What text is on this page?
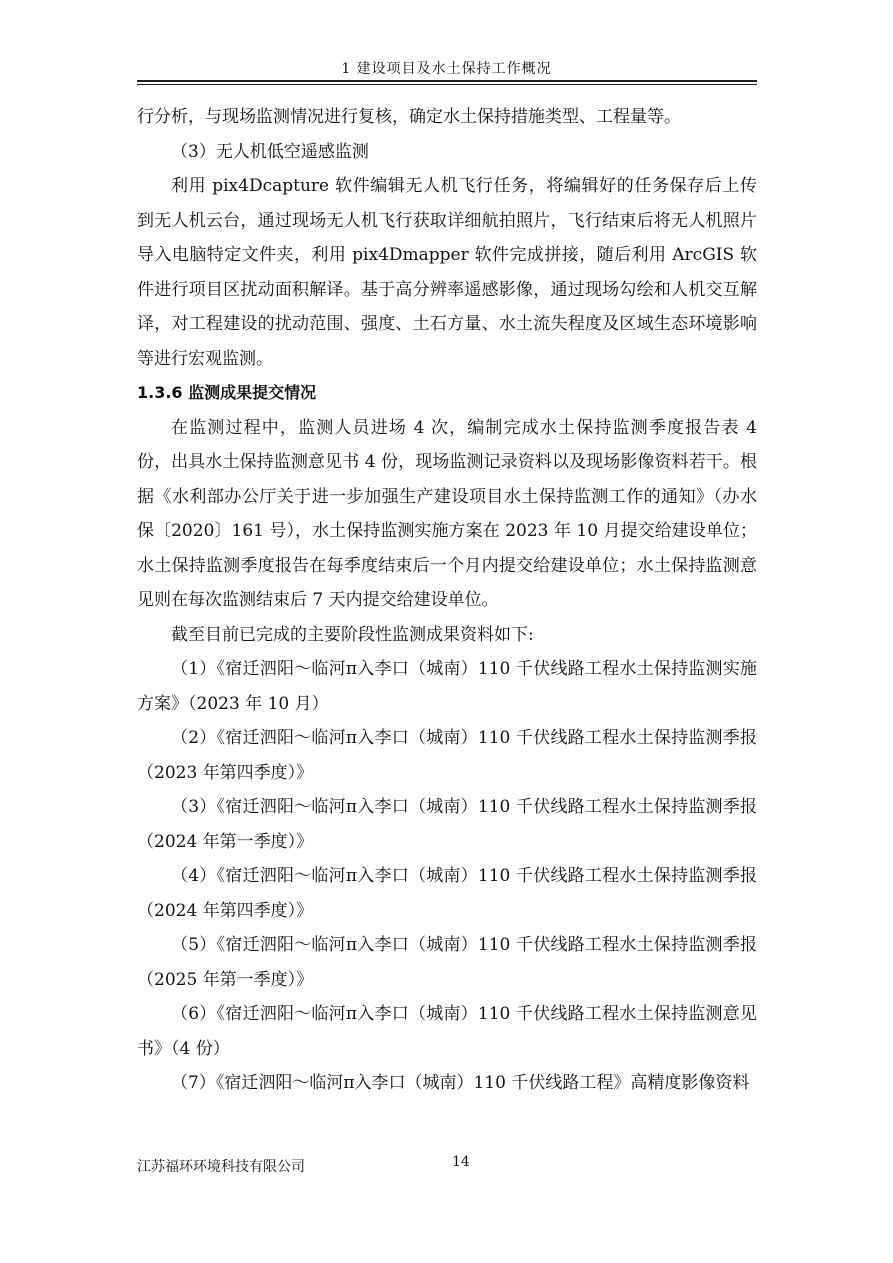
1 建设项目及水土保持工作概况

行分析，与现场监测情况进行复核，确定水土保持措施类型、工程量等。

（3）无人机低空遥感监测

利用 pix4Dcapture 软件编辑无人机飞行任务，将编辑好的任务保存后上传到无人机云台，通过现场无人机飞行获取详细航拍照片，飞行结束后将无人机照片导入电脑特定文件夹，利用 pix4Dmapper 软件完成拼接，随后利用 ArcGIS 软件进行项目区扰动面积解译。基于高分辨率遥感影像，通过现场勾绘和人机交互解译，对工程建设的扰动范围、强度、土石方量、水土流失程度及区域生态环境影响等进行宏观监测。

1.3.6 监测成果提交情况

在监测过程中，监测人员进场 4 次，编制完成水土保持监测季度报告表 4 份，出具水土保持监测意见书 4 份，现场监测记录资料以及现场影像资料若干。根据《水利部办公厅关于进一步加强生产建设项目水土保持监测工作的通知》（办水保〔2020〕161 号），水土保持监测实施方案在 2023 年 10 月提交给建设单位；水土保持监测季度报告在每季度结束后一个月内提交给建设单位；水土保持监测意见则在每次监测结束后 7 天内提交给建设单位。

截至目前已完成的主要阶段性监测成果资料如下:

（1）《宿迁泗阳～临河π入李口（城南）110 千伏线路工程水土保持监测实施方案》（2023 年 10 月）

（2）《宿迁泗阳～临河π入李口（城南）110 千伏线路工程水土保持监测季报（2023 年第四季度）》

（3）《宿迁泗阳～临河π入李口（城南）110 千伏线路工程水土保持监测季报（2024 年第一季度）》

（4）《宿迁泗阳～临河π入李口（城南）110 千伏线路工程水土保持监测季报（2024 年第四季度）》

（5）《宿迁泗阳～临河π入李口（城南）110 千伏线路工程水土保持监测季报（2025 年第一季度）》

（6）《宿迁泗阳～临河π入李口（城南）110 千伏线路工程水土保持监测意见书》（4 份）

（7）《宿迁泗阳～临河π入李口（城南）110 千伏线路工程》高精度影像资料

江苏福环环境科技有限公司	14
